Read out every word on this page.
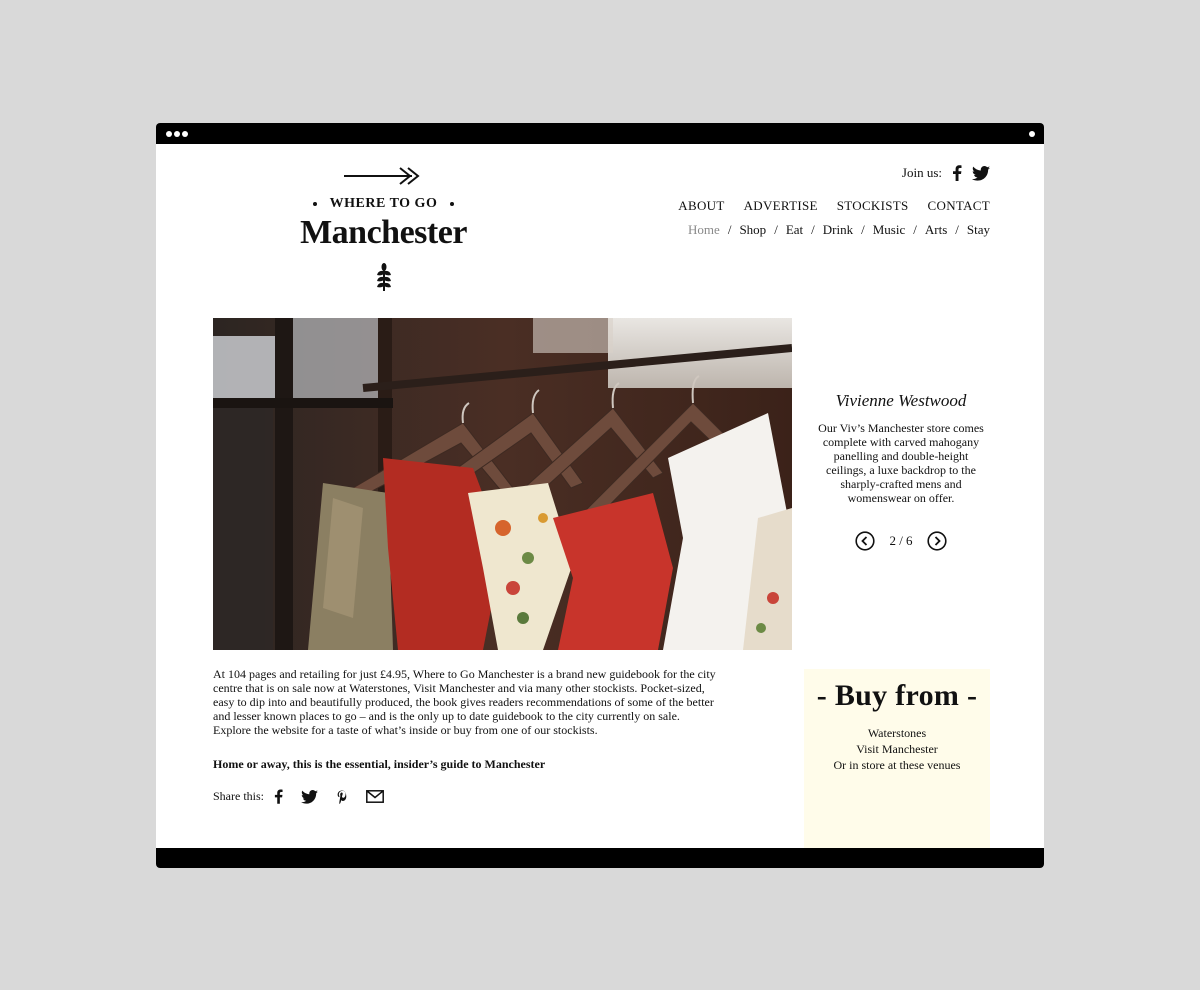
WHERE TO GO
Manchester
Join us:
ABOUT ADVERTISE STOCKISTS CONTACT
Home / Shop / Eat / Drink / Music / Arts / Stay
Vivienne Westwood
Our Viv’s Manchester store comes complete with carved mahogany panelling and double-height ceilings, a luxe backdrop to the sharply-crafted mens and womenswear on offer.
2 / 6

At 104 pages and retailing for just £4.95, Where to Go Manchester is a brand new guidebook for the city centre that is on sale now at Waterstones, Visit Manchester and via many other stockists. Pocket-sized, easy to dip into and beautifully produced, the book gives readers recommendations of some of the better and lesser known places to go – and is the only up to date guidebook to the city currently on sale. Explore the website for a taste of what’s inside or buy from one of our stockists.

Home or away, this is the essential, insider’s guide to Manchester
Share this:
- Buy from -
Waterstones
Visit Manchester
Or in store at these venues
